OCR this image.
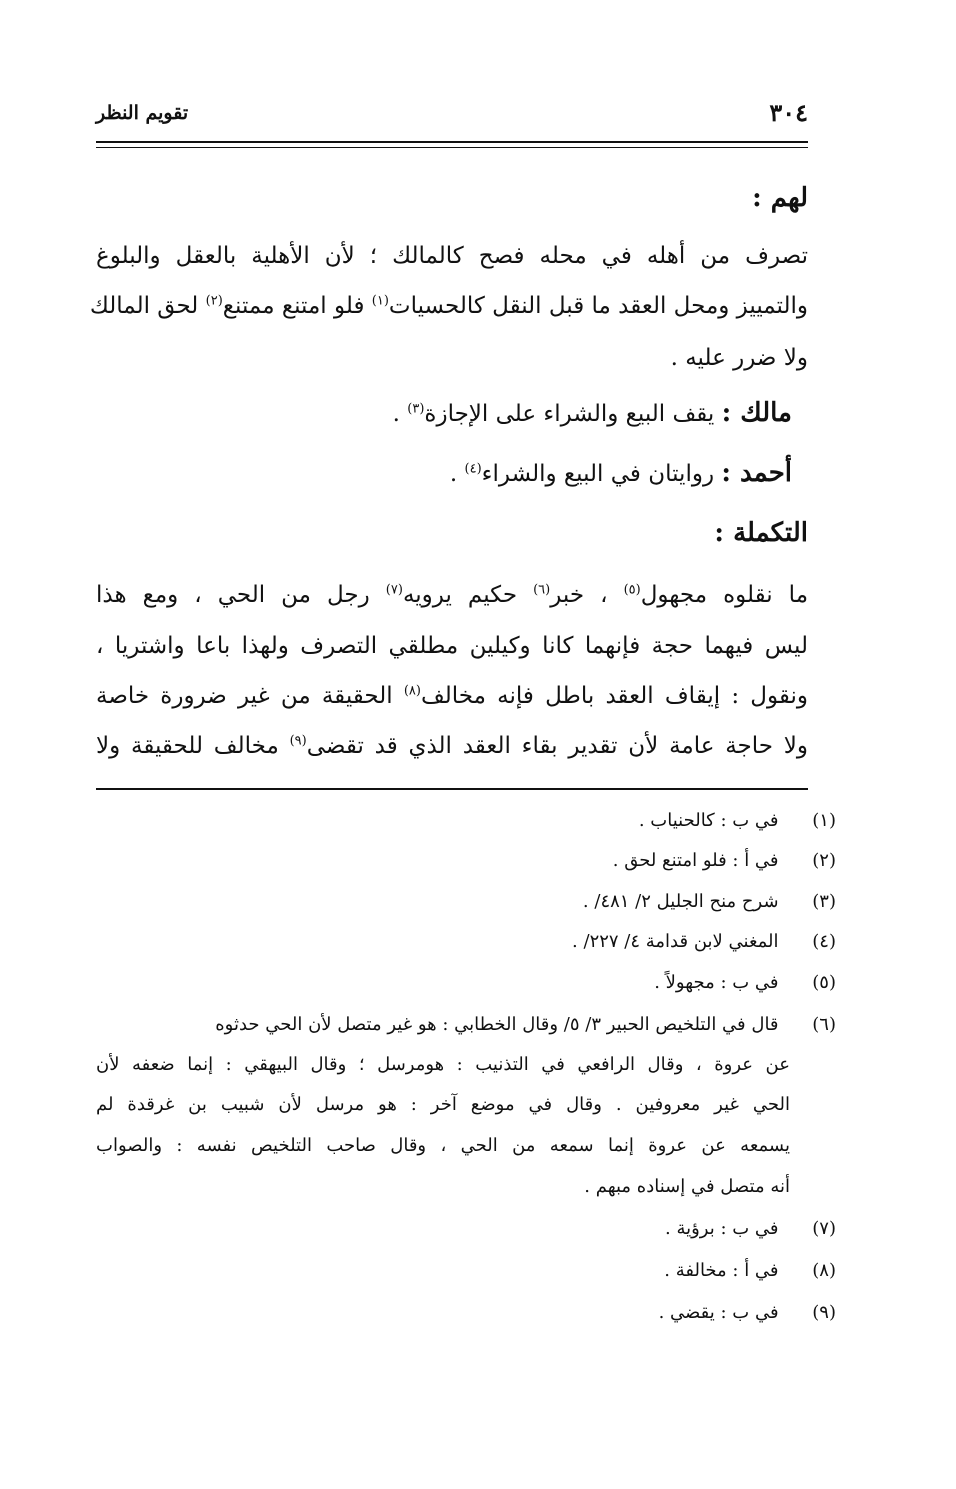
٣٠٤
تقويم النظر
لهم :
تصرف من أهله في محله فصح كالمالك ؛ لأن الأهلية بالعقل والبلوغ
والتمييز ومحل العقد ما قبل النقل كالحسيات$^{(١)}$ فلو امتنع ممتنع$^{(٢)}$ لحق المالك
ولا ضرر عليه .
مالك : يقف البيع والشراء على الإجازة$^{(٣)}$ .
أحمد : روايتان في البيع والشراء$^{(٤)}$ .
التكملة :
ما نقلوه مجهول$^{(٥)}$ ، خبر$^{(٦)}$ حكيم يرويه$^{(٧)}$ رجل من الحي ، ومع هذا
ليس فيهما حجة فإنهما كانا وكيلين مطلقي التصرف ولهذا باعا واشتريا ،
ونقول : إيقاف العقد باطل فإنه مخالف$^{(٨)}$ الحقيقة من غير ضرورة خاصة
ولا حاجة عامة لأن تقدير بقاء العقد الذي قد تقضى$^{(٩)}$ مخالف للحقيقة ولا
(١)  في ب : كالحنياب .
(٢)  في أ : فلو امتنع لحق .
(٣)  شرح منح الجليل ٢/ ٤٨١/ .
(٤)  المغني لابن قدامة ٤/ ٢٢٧/ .
(٥)  في ب : مجهولاً .
(٦)  قال في التلخيص الحبير ٣/ ٥/ وقال الخطابي : هو غير متصل لأن الحي حدثوه
عن عروة ، وقال الرافعي في التذنيب : هومرسل ؛ وقال البيهقي : إنما ضعفه لأن
الحي غير معروفين . وقال في موضع آخر : هو مرسل لأن شبيب بن غرقدة لم
يسمعه عن عروة إنما سمعه من الحي ، وقال صاحب التلخيص نفسه : والصواب
أنه متصل في إسناده مبهم .
(٧)  في ب : برؤية .
(٨)  في أ : مخالفة .
(٩)  في ب : يقضي .
